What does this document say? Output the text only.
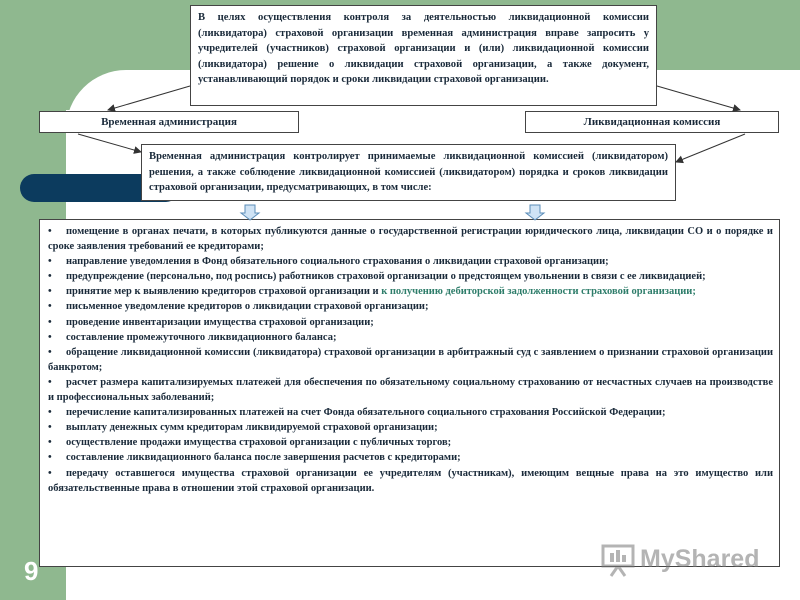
В целях осуществления контроля за деятельностью ликвидационной комиссии (ликвидатора) страховой организации временная администрация вправе запросить у учредителей (участников) страховой организации и (или) ликвидационной комиссии (ликвидатора) решение о ликвидации страховой организации, а также документ, устанавливающий порядок и сроки ликвидации страховой организации.
Временная администрация	Ликвидационная комиссия
Временная администрация контролирует принимаемые ликвидационной комиссией (ликвидатором) решения, а также соблюдение ликвидационной комиссией (ликвидатором) порядка и сроков ликвидации страховой организации, предусматривающих, в том числе:
• помещение в органах печати, в которых публикуются данные о государственной регистрации юридического лица, ликвидации СО и о порядке и сроке заявления требований ее кредиторами;
• направление уведомления в Фонд обязательного социального страхования о ликвидации страховой организации;
• предупреждение (персонально, под роспись) работников страховой организации о предстоящем увольнении в связи с ее ликвидацией;
• принятие мер к выявлению кредиторов страховой организации и к получению дебиторской задолженности страховой организации;
• письменное уведомление кредиторов о ликвидации страховой организации;
• проведение инвентаризации имущества страховой организации;
• составление промежуточного ликвидационного баланса;
• обращение ликвидационной комиссии (ликвидатора) страховой организации в арбитражный суд с заявлением о признании страховой организации банкротом;
• расчет размера капитализируемых платежей для обеспечения по обязательному социальному страхованию от несчастных случаев на производстве и профессиональных заболеваний;
• перечисление капитализированных платежей на счет Фонда обязательного социального страхования Российской Федерации;
• выплату денежных сумм кредиторам ликвидируемой страховой организации;
• осуществление продажи имущества страховой организации с публичных торгов;
• составление ликвидационного баланса после завершения расчетов с кредиторами;
• передачу оставшегося имущества страховой организации ее учредителям (участникам), имеющим вещные права на это имущество или обязательственные права в отношении этой страховой организации.
9	MyShared
